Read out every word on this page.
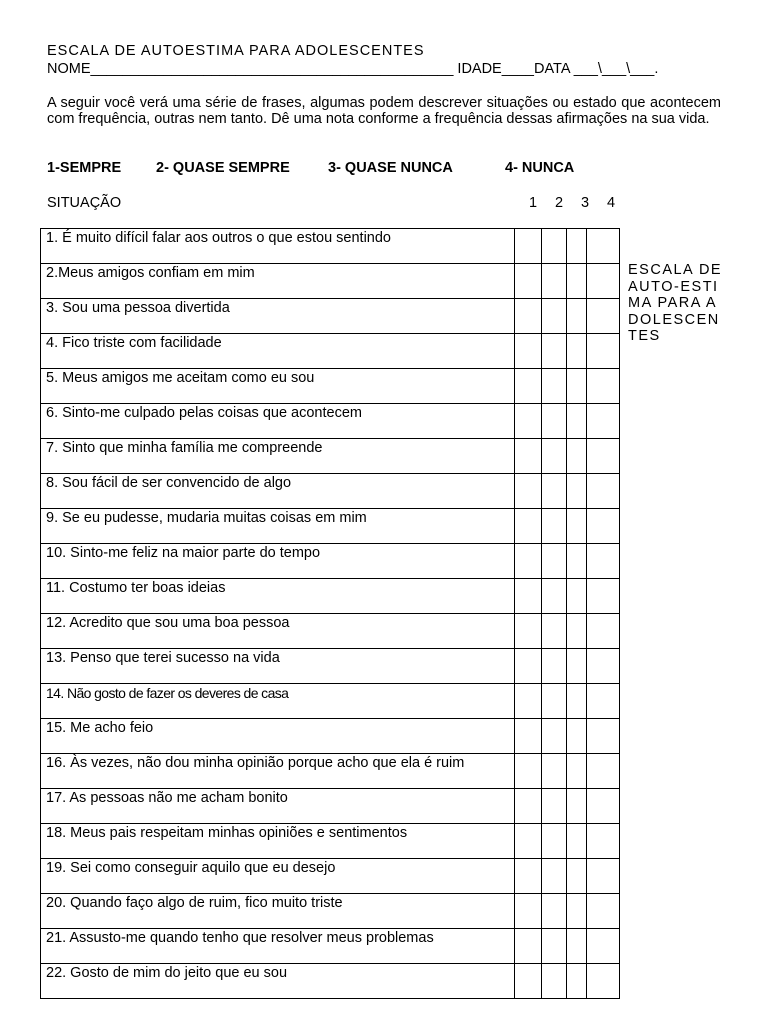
ESCALA DE AUTOESTIMA PARA ADOLESCENTES
NOME_____________________________________________ IDADE____DATA ___\___\___.
A seguir você verá uma série de frases, algumas podem descrever situações ou estado que acontecem com frequência, outras nem tanto. Dê uma nota conforme a frequência dessas afirmações na sua vida.
1-SEMPRE 2- QUASE SEMPRE	3- QUASE NUNCA	4- NUNCA
SITUAÇÃO	1 2 3 4
1. É muito difícil falar aos outros o que estou sentindo				
2.Meus amigos confiam em mim				
3. Sou uma pessoa divertida				
4. Fico triste com facilidade				
5. Meus amigos me aceitam como eu sou				
6. Sinto-me culpado pelas coisas que acontecem				
7. Sinto que minha família me compreende				
8. Sou fácil de ser convencido de algo				
9. Se eu pudesse, mudaria muitas coisas em mim				
10. Sinto-me feliz na maior parte do tempo				
11. Costumo ter boas ideias				
12. Acredito que sou uma boa pessoa				
13. Penso que terei sucesso na vida				
14. Não gosto de fazer os deveres de casa				
15. Me acho feio				
16. Às vezes, não dou minha opinião porque acho que ela é ruim				
17. As pessoas não me acham bonito				
18. Meus pais respeitam minhas opiniões e sentimentos				
19. Sei como conseguir aquilo que eu desejo				
20. Quando faço algo de ruim, fico muito triste				
21. Assusto-me quando tenho que resolver meus problemas				
22. Gosto de mim do jeito que eu sou				
ESCALA DE AUTO-ESTIMA PARA ADOLESCENTES
